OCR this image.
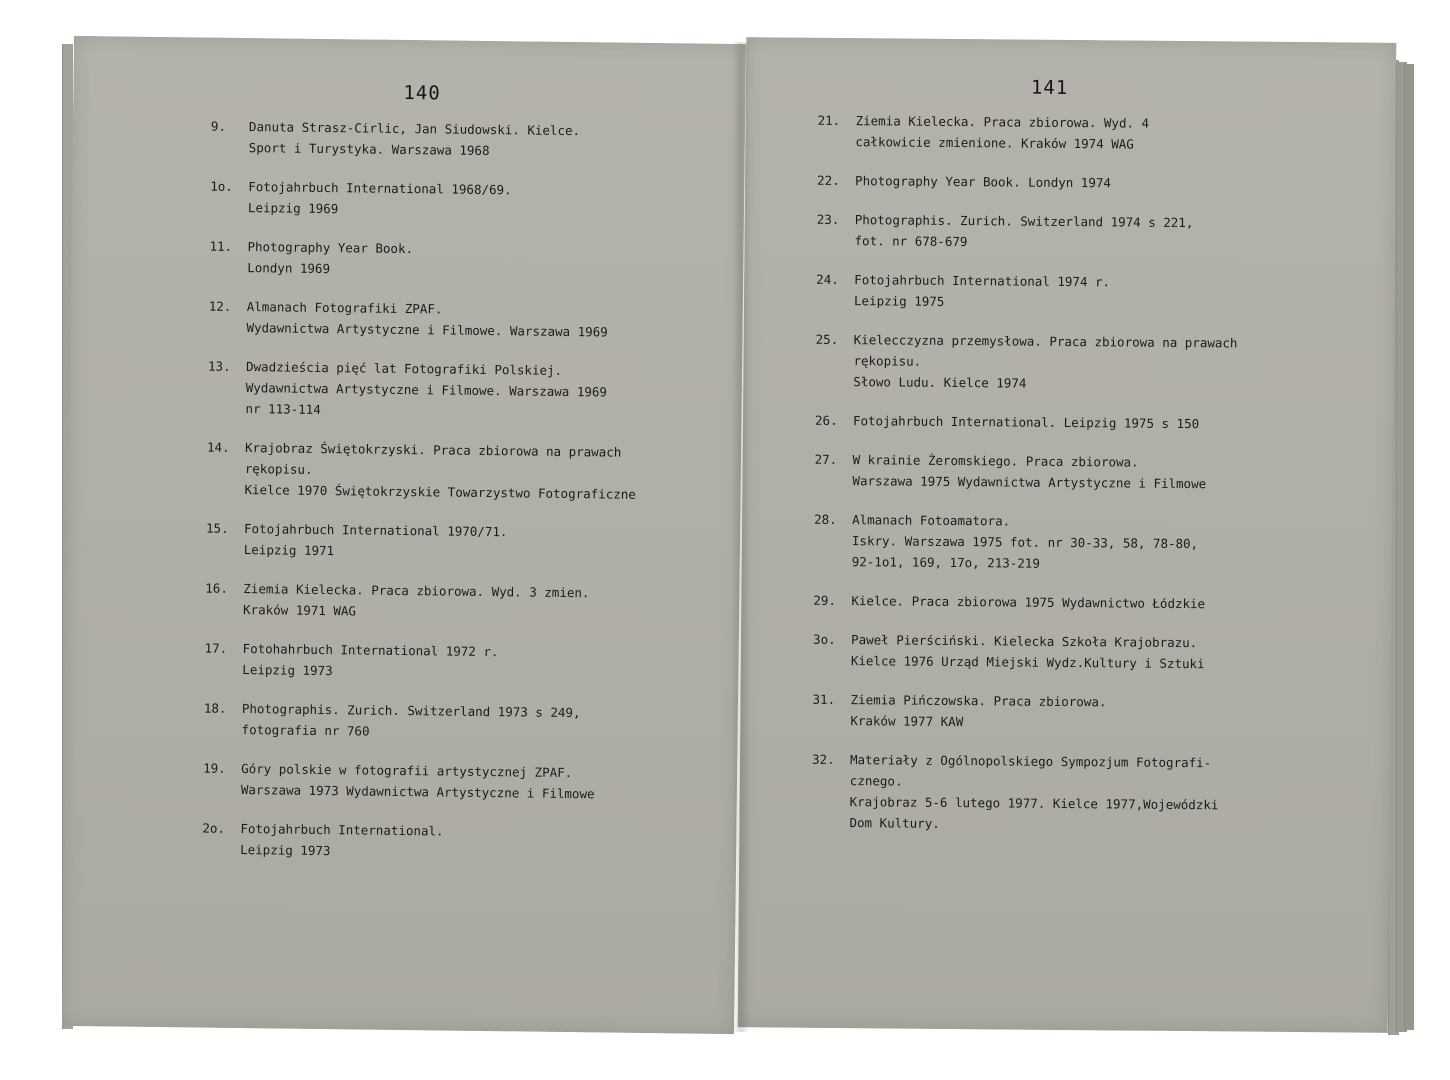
140
9.	Danuta Strasz-Cirlic, Jan Siudowski. Kielce.
Sport i Turystyka. Warszawa 1968
1o.	Fotojahrbuch International 1968/69.
Leipzig 1969
11.	Photography Year Book.
Londyn 1969
12.	Almanach Fotografiki ZPAF.
Wydawnictwa Artystyczne i Filmowe. Warszawa 1969
13.	Dwadzieścia pięć lat Fotografiki Polskiej.
Wydawnictwa Artystyczne i Filmowe. Warszawa 1969
nr 113-114
14.	Krajobraz Świętokrzyski. Praca zbiorowa na prawach
rękopisu.
Kielce 1970 Świętokrzyskie Towarzystwo Fotograficzne
15.	Fotojahrbuch International 1970/71.
Leipzig 1971
16.	Ziemia Kielecka. Praca zbiorowa. Wyd. 3 zmien.
Kraków 1971 WAG
17.	Fotohahrbuch International 1972 r.
Leipzig 1973
18.	Photographis. Zurich. Switzerland 1973 s 249,
fotografia nr 760
19.	Góry polskie w fotografii artystycznej ZPAF.
Warszawa 1973 Wydawnictwa Artystyczne i Filmowe
2o.	Fotojahrbuch International.
Leipzig 1973
141
21.	Ziemia Kielecka. Praca zbiorowa. Wyd. 4
całkowicie zmienione. Kraków 1974 WAG
22.	Photography Year Book. Londyn 1974
23.	Photographis. Zurich. Switzerland 1974 s 221,
fot. nr 678-679
24.	Fotojahrbuch International 1974 r.
Leipzig 1975
25.	Kielecczyzna przemysłowa. Praca zbiorowa na prawach
rękopisu.
Słowo Ludu. Kielce 1974
26.	Fotojahrbuch International. Leipzig 1975 s 150
27.	W krainie Żeromskiego. Praca zbiorowa.
Warszawa 1975 Wydawnictwa Artystyczne i Filmowe
28.	Almanach Fotoamatora.
Iskry. Warszawa 1975 fot. nr 30-33, 58, 78-80,
92-1o1, 169, 17o, 213-219
29.	Kielce. Praca zbiorowa 1975 Wydawnictwo Łódzkie
3o.	Paweł Pierściński. Kielecka Szkoła Krajobrazu.
Kielce 1976 Urząd Miejski Wydz.Kultury i Sztuki
31.	Ziemia Pińczowska. Praca zbiorowa.
Kraków 1977 KAW
32.	Materiały z Ogólnopolskiego Sympozjum Fotografi-
cznego.
Krajobraz 5-6 lutego 1977. Kielce 1977,Wojewódzki
Dom Kultury.
